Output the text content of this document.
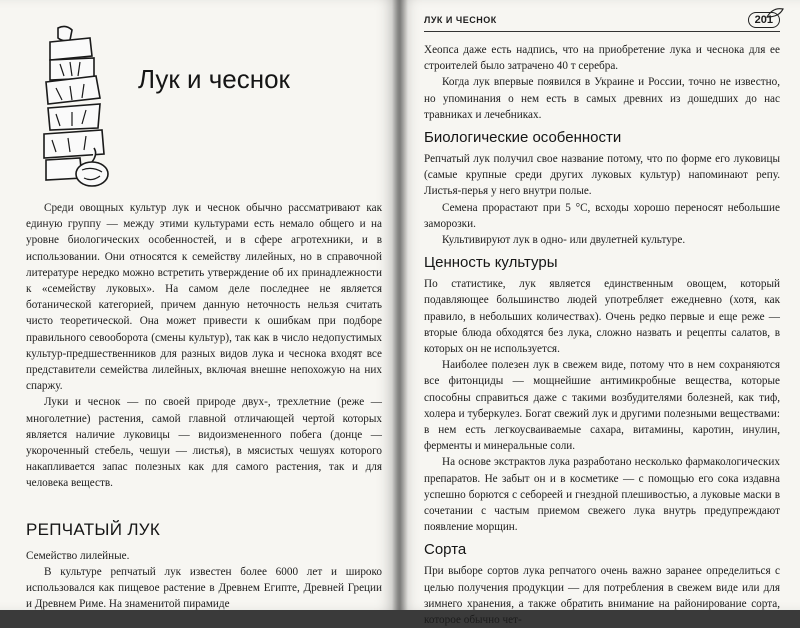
Лук и чеснок

Среди овощных культур лук и чеснок обычно рассматривают как единую группу — между этими культурами есть немало общего и на уровне биологических особенностей, и в сфере агротехники, и в использовании. Они относятся к семейству лилейных, но в справочной литературе нередко можно встретить утверждение об их принадлежности к «семейству луковых». На самом деле последнее не является ботанической категорией, причем данную неточность нельзя считать чисто теоретической. Она может привести к ошибкам при подборе правильного севооборота (смены культур), так как в число недопустимых культур-предшественников для разных видов лука и чеснока входят все представители семейства лилейных, включая внешне непохожую на них спаржу.

Луки и чеснок — по своей природе двух-, трехлетние (реже — многолетние) растения, самой главной отличающей чертой которых является наличие луковицы — видоизмененного побега (донце — укороченный стебель, чешуи — листья), в мясистых чешуях которого накапливается запас полезных как для самого растения, так и для человека веществ.

РЕПЧАТЫЙ ЛУК

Семейство лилейные.

В культуре репчатый лук известен более 6000 лет и широко использовался как пищевое растение в Древнем Египте, Древней Греции и Древнем Риме. На знаменитой пирамиде

ЛУК И ЧЕСНОК	201

Хеопса даже есть надпись, что на приобретение лука и чеснока для ее строителей было затрачено 40 т серебра.

Когда лук впервые появился в Украине и России, точно не известно, но упоминания о нем есть в самых древних из дошедших до нас травниках и лечебниках.

Биологические особенности

Репчатый лук получил свое название потому, что по форме его луковицы (самые крупные среди других луковых культур) напоминают репу. Листья-перья у него внутри полые.

Семена прорастают при 5 °С, всходы хорошо переносят небольшие заморозки.

Культивируют лук в одно- или двулетней культуре.

Ценность культуры

По статистике, лук является единственным овощем, который подавляющее большинство людей употребляет ежедневно (хотя, как правило, в небольших количествах). Очень редко первые и еще реже — вторые блюда обходятся без лука, сложно назвать и рецепты салатов, в которых он не используется.

Наиболее полезен лук в свежем виде, потому что в нем сохраняются все фитонциды — мощнейшие антимикробные вещества, которые способны справиться даже с такими возбудителями болезней, как тиф, холера и туберкулез. Богат свежий лук и другими полезными веществами: в нем есть легкоусваиваемые сахара, витамины, каротин, инулин, ферменты и минеральные соли.

На основе экстрактов лука разработано несколько фармакологических препаратов. Не забыт он и в косметике — с помощью его сока издавна успешно борются с себореей и гнездной плешивостью, а луковые маски в сочетании с частым приемом свежего лука внутрь предупреждают появление морщин.

Сорта

При выборе сортов лука репчатого очень важно заранее определиться с целью получения продукции — для потребления в свежем виде или для зимнего хранения, а также обратить внимание на районирование сорта, которое обычно чет-
